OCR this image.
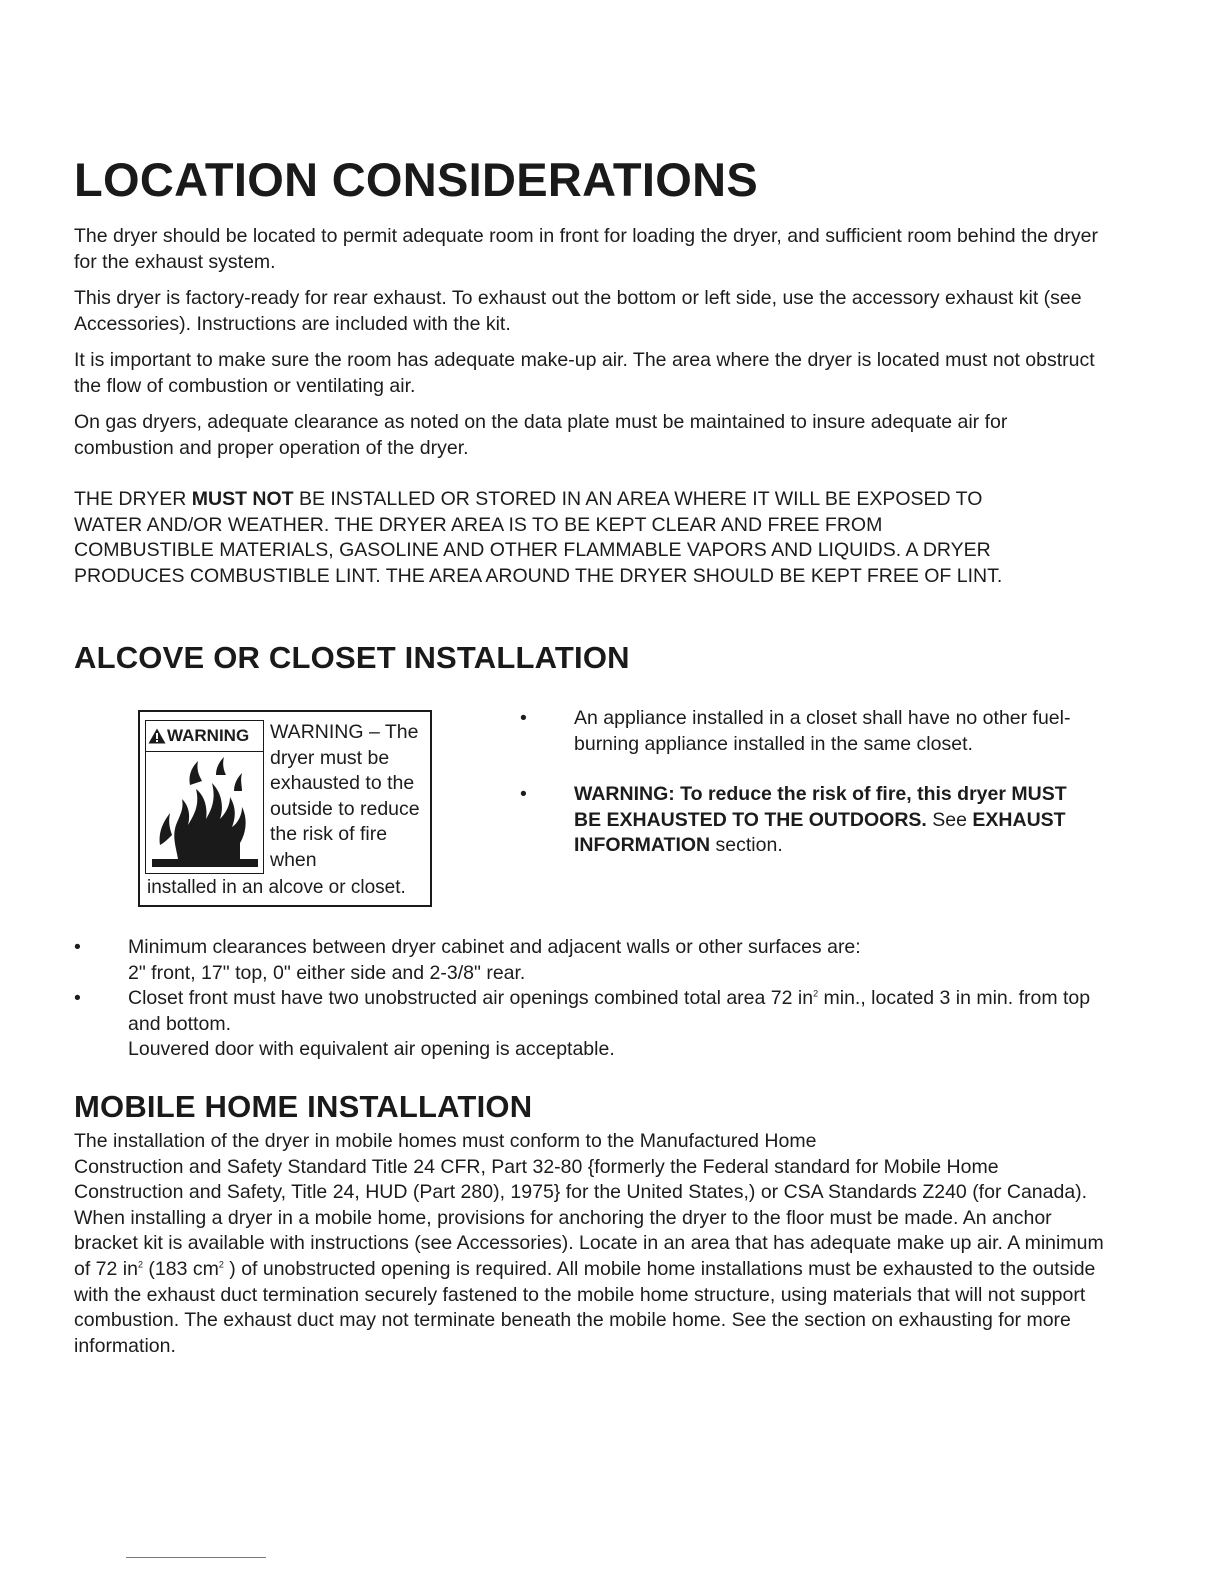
LOCATION CONSIDERATIONS

The dryer should be located to permit adequate room in front for loading the dryer, and sufficient room behind the dryer for the exhaust system.

This dryer is factory-ready for rear exhaust. To exhaust out the bottom or left side, use the accessory exhaust kit (see Accessories). Instructions are included with the kit.

It is important to make sure the room has adequate make-up air. The area where the dryer is located must not obstruct the flow of combustion or ventilating air.

On gas dryers, adequate clearance as noted on the data plate must be maintained to insure adequate air for combustion and proper operation of the dryer.

THE DRYER MUST NOT BE INSTALLED OR STORED IN AN AREA WHERE IT WILL BE EXPOSED TO WATER AND/OR WEATHER. THE DRYER AREA IS TO BE KEPT CLEAR AND FREE FROM COMBUSTIBLE MATERIALS, GASOLINE AND OTHER FLAMMABLE VAPORS AND LIQUIDS. A DRYER PRODUCES COMBUSTIBLE LINT. THE AREA AROUND THE DRYER SHOULD BE KEPT FREE OF LINT.
ALCOVE OR CLOSET INSTALLATION
WARNING WARNING – The dryer must be exhausted to the outside to reduce the risk of fire when
installed in an alcove or closet.
• An appliance installed in a closet shall have no other fuel-burning appliance installed in the same closet.
• WARNING: To reduce the risk of fire, this dryer MUST BE EXHAUSTED TO THE OUTDOORS. See EXHAUST INFORMATION section.
• Minimum clearances between dryer cabinet and adjacent walls or other surfaces are:
2" front, 17" top, 0" either side and 2-3/8" rear.
• Closet front must have two unobstructed air openings combined total area 72 $in^2$ min., located 3 in min. from top and bottom.
Louvered door with equivalent air opening is acceptable.
MOBILE HOME INSTALLATION

The installation of the dryer in mobile homes must conform to the Manufactured Home

Construction and Safety Standard Title 24 CFR, Part 32-80 {formerly the Federal standard for Mobile Home Construction and Safety, Title 24, HUD (Part 280), 1975} for the United States,) or CSA Standards Z240 (for Canada). When installing a dryer in a mobile home, provisions for anchoring the dryer to the floor must be made. An anchor bracket kit is available with instructions (see Accessories). Locate in an area that has adequate make up air. A minimum of 72 $in^2$ (183 $cm^2$ ) of unobstructed opening is required. All mobile home installations must be exhausted to the outside with the exhaust duct termination securely fastened to the mobile home structure, using materials that will not support combustion. The exhaust duct may not terminate beneath the mobile home. See the section on exhausting for more information.
